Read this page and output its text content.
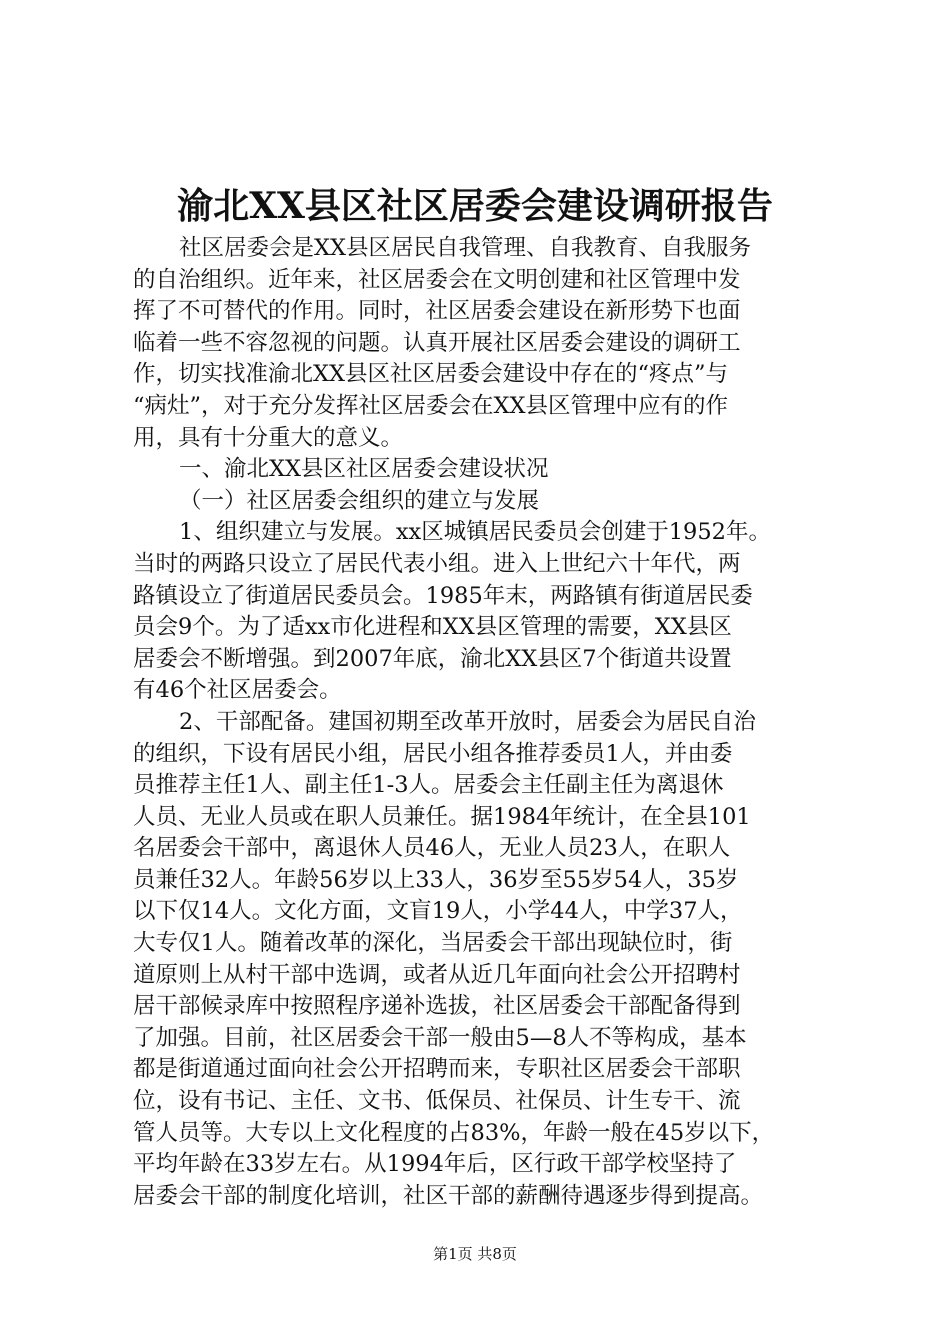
渝北XX县区社区居委会建设调研报告
社区居委会是XX县区居民自我管理、自我教育、自我服务
的自治组织。近年来，社区居委会在文明创建和社区管理中发
挥了不可替代的作用。同时，社区居委会建设在新形势下也面
临着一些不容忽视的问题。认真开展社区居委会建设的调研工
作，切实找准渝北XX县区社区居委会建设中存在的“疼点”与
“病灶”，对于充分发挥社区居委会在XX县区管理中应有的作
用，具有十分重大的意义。
一、渝北XX县区社区居委会建设状况
（一）社区居委会组织的建立与发展
1、组织建立与发展。xx区城镇居民委员会创建于1952年。
当时的两路只设立了居民代表小组。进入上世纪六十年代，两
路镇设立了街道居民委员会。1985年末，两路镇有街道居民委
员会9个。为了适xx市化进程和XX县区管理的需要，XX县区
居委会不断增强。到2007年底，渝北XX县区7个街道共设置
有46个社区居委会。
2、干部配备。建国初期至改革开放时，居委会为居民自治
的组织，下设有居民小组，居民小组各推荐委员1人，并由委
员推荐主任1人、副主任1-3人。居委会主任副主任为离退休
人员、无业人员或在职人员兼任。据1984年统计，在全县101
名居委会干部中，离退休人员46人，无业人员23人，在职人
员兼任32人。年龄56岁以上33人，36岁至55岁54人，35岁
以下仅14人。文化方面，文盲19人，小学44人，中学37人，
大专仅1人。随着改革的深化，当居委会干部出现缺位时，街
道原则上从村干部中选调，或者从近几年面向社会公开招聘村
居干部候录库中按照程序递补选拔，社区居委会干部配备得到
了加强。目前，社区居委会干部一般由5—8人不等构成，基本
都是街道通过面向社会公开招聘而来，专职社区居委会干部职
位，设有书记、主任、文书、低保员、社保员、计生专干、流
管人员等。大专以上文化程度的占83%，年龄一般在45岁以下，
平均年龄在33岁左右。从1994年后，区行政干部学校坚持了
居委会干部的制度化培训，社区干部的薪酬待遇逐步得到提高。
第1页 共8页
